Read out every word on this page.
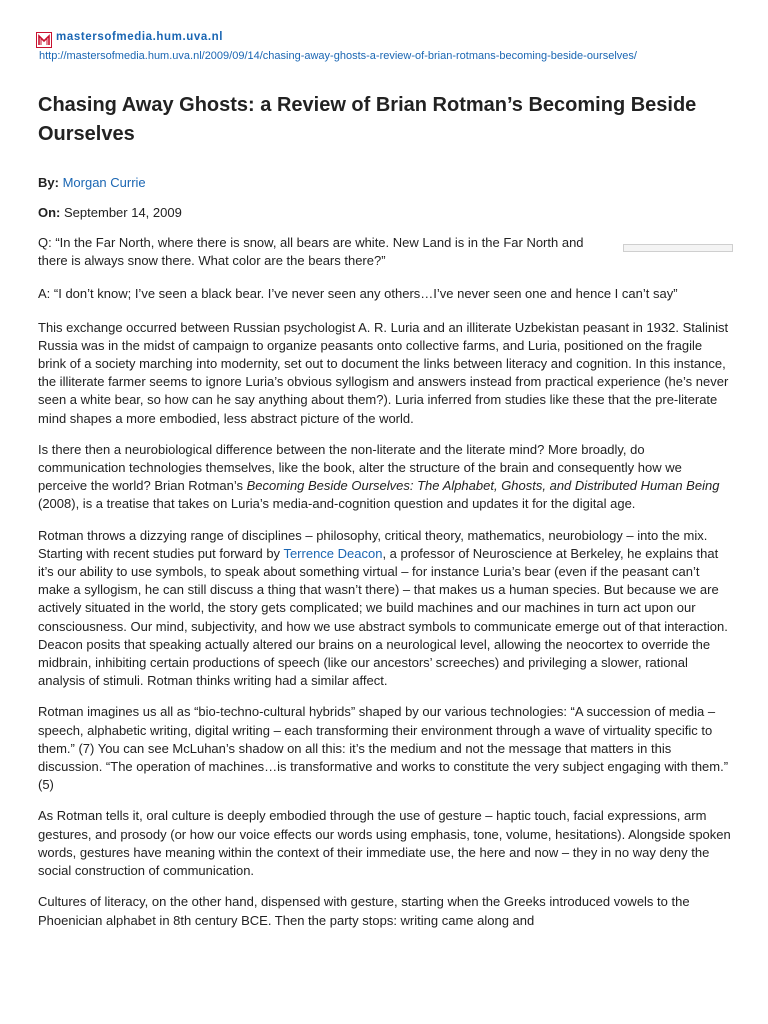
mastersofmedia.hum.uva.nl
http://mastersofmedia.hum.uva.nl/2009/09/14/chasing-away-ghosts-a-review-of-brian-rotmans-becoming-beside-ourselves/
Chasing Away Ghosts: a Review of Brian Rotman’s Becoming Beside Ourselves
By: Morgan Currie
On: September 14, 2009

Q: “In the Far North, where there is snow, all bears are white. New Land is in the Far North and there is always snow there. What color are the bears there?”

A: “I don’t know; I’ve seen a black bear. I’ve never seen any others…I’ve never seen one and hence I can’t say”

This exchange occurred between Russian psychologist A. R. Luria and an illiterate Uzbekistan peasant in 1932. Stalinist Russia was in the midst of campaign to organize peasants onto collective farms, and Luria, positioned on the fragile brink of a society marching into modernity, set out to document the links between literacy and cognition. In this instance, the illiterate farmer seems to ignore Luria’s obvious syllogism and answers instead from practical experience (he’s never seen a white bear, so how can he say anything about them?). Luria inferred from studies like these that the pre-literate mind shapes a more embodied, less abstract picture of the world.

Is there then a neurobiological difference between the non-literate and the literate mind? More broadly, do communication technologies themselves, like the book, alter the structure of the brain and consequently how we perceive the world? Brian Rotman’s Becoming Beside Ourselves: The Alphabet, Ghosts, and Distributed Human Being (2008), is a treatise that takes on Luria’s media-and-cognition question and updates it for the digital age.

Rotman throws a dizzying range of disciplines – philosophy, critical theory, mathematics, neurobiology – into the mix. Starting with recent studies put forward by Terrence Deacon, a professor of Neuroscience at Berkeley, he explains that it’s our ability to use symbols, to speak about something virtual – for instance Luria’s bear (even if the peasant can’t make a syllogism, he can still discuss a thing that wasn’t there) – that makes us a human species. But because we are actively situated in the world, the story gets complicated; we build machines and our machines in turn act upon our consciousness. Our mind, subjectivity, and how we use abstract symbols to communicate emerge out of that interaction. Deacon posits that speaking actually altered our brains on a neurological level, allowing the neocortex to override the midbrain, inhibiting certain productions of speech (like our ancestors’ screeches) and privileging a slower, rational analysis of stimuli. Rotman thinks writing had a similar affect.

Rotman imagines us all as “bio-techno-cultural hybrids” shaped by our various technologies: “A succession of media – speech, alphabetic writing, digital writing – each transforming their environment through a wave of virtuality specific to them.” (7) You can see McLuhan’s shadow on all this: it’s the medium and not the message that matters in this discussion. “The operation of machines…is transformative and works to constitute the very subject engaging with them.” (5)

As Rotman tells it, oral culture is deeply embodied through the use of gesture – haptic touch, facial expressions, arm gestures, and prosody (or how our voice effects our words using emphasis, tone, volume, hesitations). Alongside spoken words, gestures have meaning within the context of their immediate use, the here and now – they in no way deny the social construction of communication.

Cultures of literacy, on the other hand, dispensed with gesture, starting when the Greeks introduced vowels to the Phoenician alphabet in 8th century BCE. Then the party stops: writing came along and
